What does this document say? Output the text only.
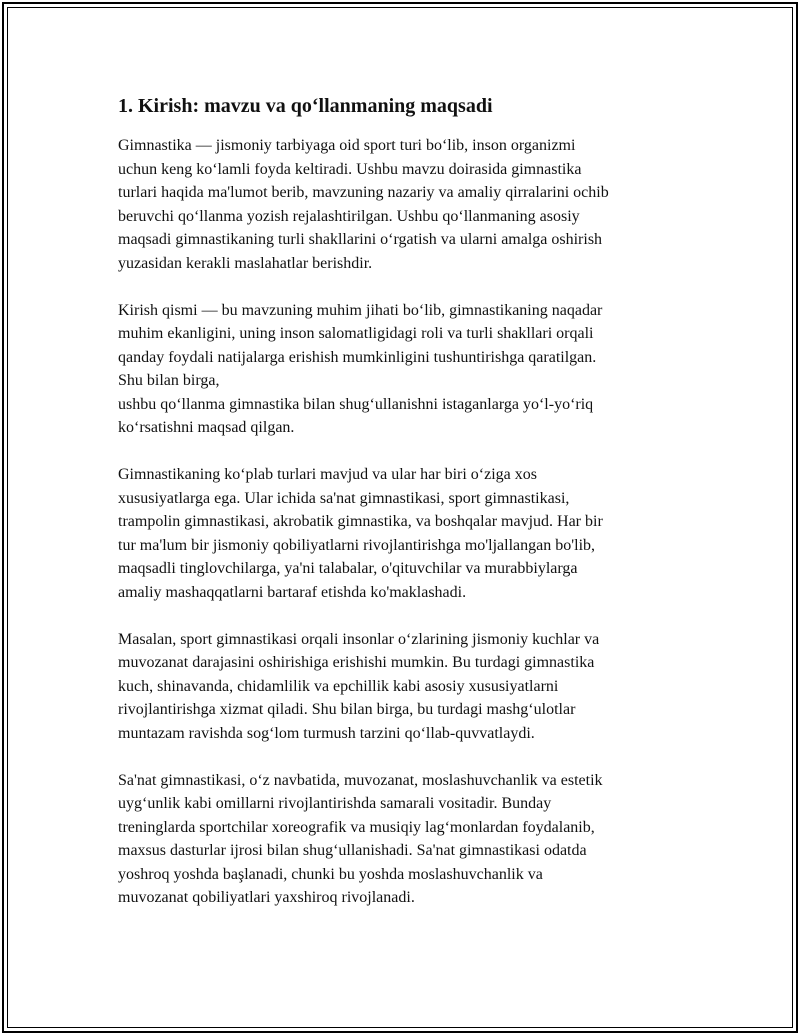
1. Kirish: mavzu va qo‘llanmaning maqsadi

Gimnastika — jismoniy tarbiyaga oid sport turi bo‘lib, inson organizmi
uchun keng ko‘lamli foyda keltiradi. Ushbu mavzu doirasida gimnastika
turlari haqida ma'lumot berib, mavzuning nazariy va amaliy qirralarini ochib
beruvchi qo‘llanma yozish rejalashtirilgan. Ushbu qo‘llanmaning asosiy
maqsadi gimnastikaning turli shakllarini o‘rgatish va ularni amalga oshirish
yuzasidan kerakli maslahatlar berishdir.

Kirish qismi — bu mavzuning muhim jihati bo‘lib, gimnastikaning naqadar
muhim ekanligini, uning inson salomatligidagi roli va turli shakllari orqali
qanday foydali natijalarga erishish mumkinligini tushuntirishga qaratilgan.
Shu bilan birga,
ushbu qo‘llanma gimnastika bilan shug‘ullanishni istaganlarga yo‘l-yo‘riq
ko‘rsatishni maqsad qilgan.

Gimnastikaning ko‘plab turlari mavjud va ular har biri o‘ziga xos
xususiyatlarga ega. Ular ichida sa'nat gimnastikasi, sport gimnastikasi,
trampolin gimnastikasi, akrobatik gimnastika, va boshqalar mavjud. Har bir
tur ma'lum bir jismoniy qobiliyatlarni rivojlantirishga mo'ljallangan bo'lib,
maqsadli tinglovchilarga, ya'ni talabalar, o'qituvchilar va murabbiylarga
amaliy mashaqqatlarni bartaraf etishda ko'maklashadi.

Masalan, sport gimnastikasi orqali insonlar o‘zlarining jismoniy kuchlar va
muvozanat darajasini oshirishiga erishishi mumkin. Bu turdagi gimnastika
kuch, shinavanda, chidamlilik va epchillik kabi asosiy xususiyatlarni
rivojlantirishga xizmat qiladi. Shu bilan birga, bu turdagi mashg‘ulotlar
muntazam ravishda sog‘lom turmush tarzini qo‘llab-quvvatlaydi.

Sa'nat gimnastikasi, o‘z navbatida, muvozanat, moslashuvchanlik va estetik
uyg‘unlik kabi omillarni rivojlantirishda samarali vositadir. Bunday
treninglarda sportchilar xoreografik va musiqiy lag‘monlardan foydalanib,
maxsus dasturlar ijrosi bilan shug‘ullanishadi. Sa'nat gimnastikasi odatda
yoshroq yoshda başlanadi, chunki bu yoshda moslashuvchanlik va
muvozanat qobiliyatlari yaxshiroq rivojlanadi.
